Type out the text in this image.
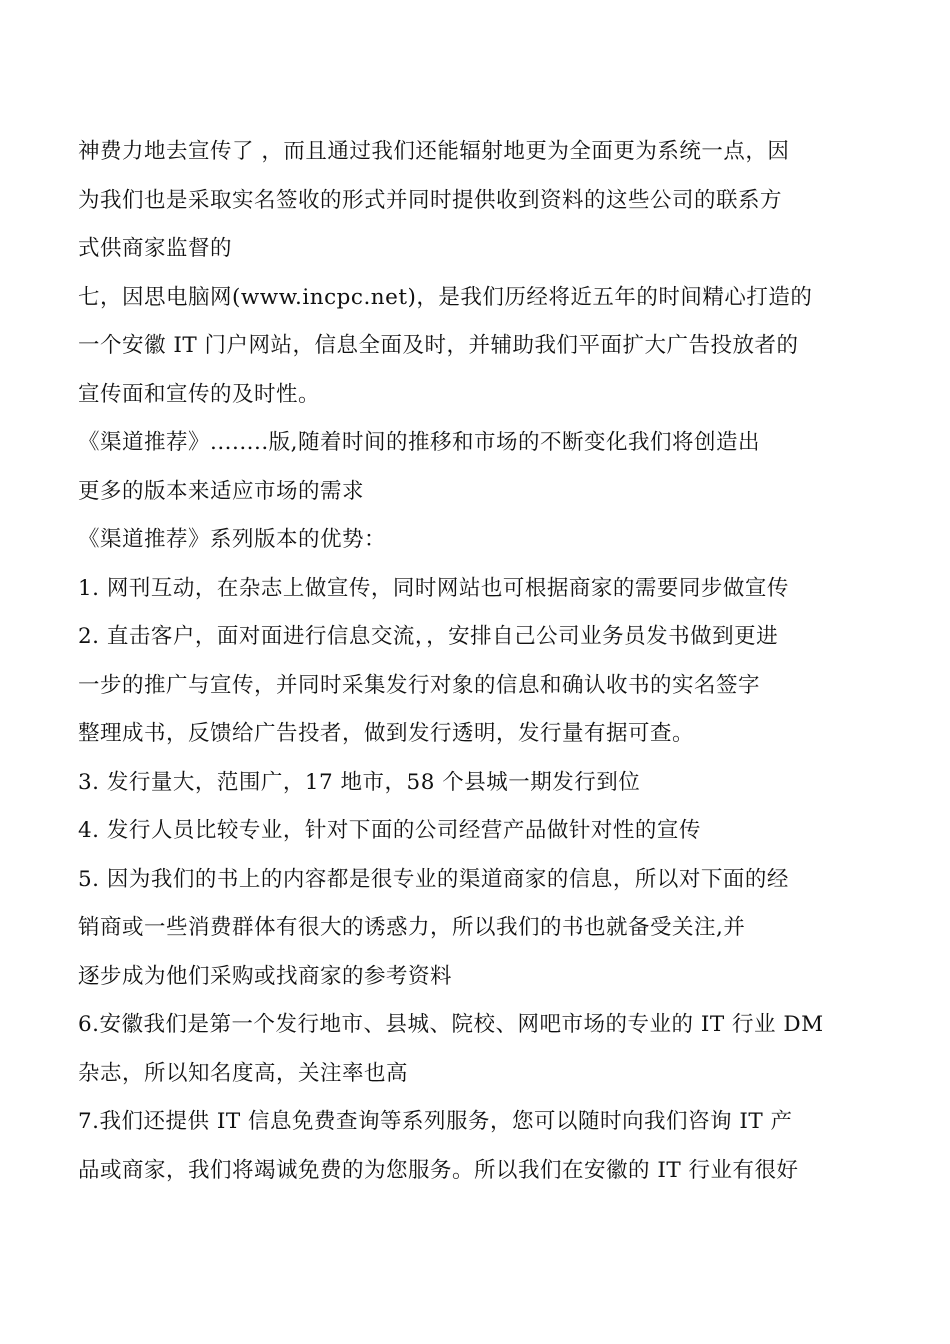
神费力地去宣传了 ，而且通过我们还能辐射地更为全面更为系统一点，因
为我们也是采取实名签收的形式并同时提供收到资料的这些公司的联系方
式供商家监督的
七，因思电脑网(www.incpc.net)，是我们历经将近五年的时间精心打造的
一个安徽 IT 门户网站，信息全面及时，并辅助我们平面扩大广告投放者的
宣传面和宣传的及时性。
《渠道推荐》........版,随着时间的推移和市场的不断变化我们将创造出
更多的版本来适应市场的需求
《渠道推荐》系列版本的优势：
1. 网刊互动，在杂志上做宣传，同时网站也可根据商家的需要同步做宣传
2. 直击客户，面对面进行信息交流，，安排自己公司业务员发书做到更进
一步的推广与宣传，并同时采集发行对象的信息和确认收书的实名签字
整理成书，反馈给广告投者，做到发行透明，发行量有据可查。
3. 发行量大，范围广，17 地市，58 个县城一期发行到位
4. 发行人员比较专业，针对下面的公司经营产品做针对性的宣传
5. 因为我们的书上的内容都是很专业的渠道商家的信息，所以对下面的经
销商或一些消费群体有很大的诱惑力，所以我们的书也就备受关注,并
逐步成为他们采购或找商家的参考资料
6.安徽我们是第一个发行地市、县城、院校、网吧市场的专业的 IT 行业 DM
杂志，所以知名度高，关注率也高
7.我们还提供 IT 信息免费查询等系列服务，您可以随时向我们咨询 IT 产
品或商家，我们将竭诚免费的为您服务。所以我们在安徽的 IT 行业有很好
